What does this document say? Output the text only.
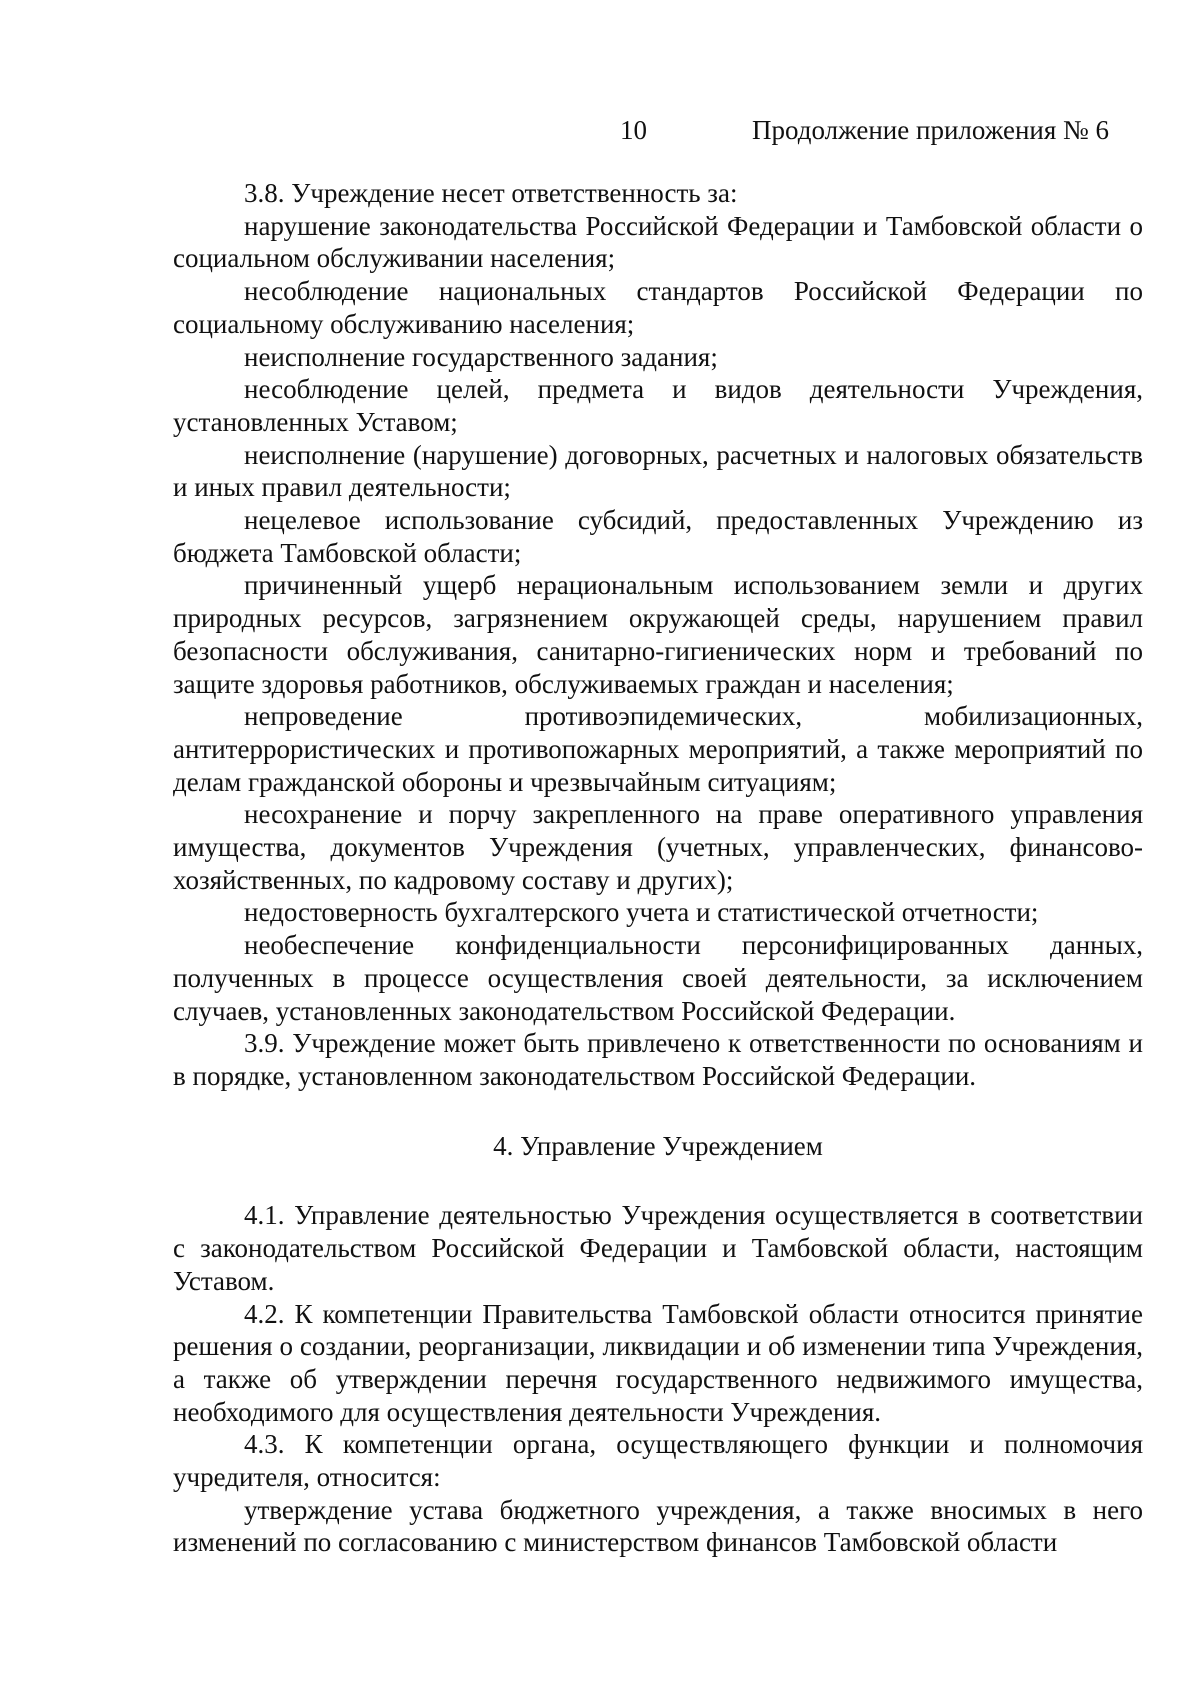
10	Продолжение приложения № 6

3.8. Учреждение несет ответственность за:

нарушение законодательства Российской Федерации и Тамбовской области о социальном обслуживании населения;

несоблюдение национальных стандартов Российской Федерации по социальному обслуживанию населения;

неисполнение государственного задания;

несоблюдение целей, предмета и видов деятельности Учреждения, установленных Уставом;

неисполнение (нарушение) договорных, расчетных и налоговых обязательств и иных правил деятельности;

нецелевое использование субсидий, предоставленных Учреждению из бюджета Тамбовской области;

причиненный ущерб нерациональным использованием земли и других природных ресурсов, загрязнением окружающей среды, нарушением правил безопасности обслуживания, санитарно-гигиенических норм и требований по защите здоровья работников, обслуживаемых граждан и населения;

непроведение противоэпидемических, мобилизационных, антитеррористических и противопожарных мероприятий, а также мероприятий по делам гражданской обороны и чрезвычайным ситуациям;

несохранение и порчу закрепленного на праве оперативного управления имущества, документов Учреждения (учетных, управленческих, финансово-хозяйственных, по кадровому составу и других);

недостоверность бухгалтерского учета и статистической отчетности;

необеспечение конфиденциальности персонифицированных данных, полученных в процессе осуществления своей деятельности, за исключением случаев, установленных законодательством Российской Федерации.

3.9. Учреждение может быть привлечено к ответственности по основаниям и в порядке, установленном законодательством Российской Федерации.

4. Управление Учреждением

4.1. Управление деятельностью Учреждения осуществляется в соответствии с законодательством Российской Федерации и Тамбовской области, настоящим Уставом.

4.2. К компетенции Правительства Тамбовской области относится принятие решения о создании, реорганизации, ликвидации и об изменении типа Учреждения, а также об утверждении перечня государственного недвижимого имущества, необходимого для осуществления деятельности Учреждения.

4.3. К компетенции органа, осуществляющего функции и полномочия учредителя, относится:

утверждение устава бюджетного учреждения, а также вносимых в него изменений по согласованию с министерством финансов Тамбовской области
